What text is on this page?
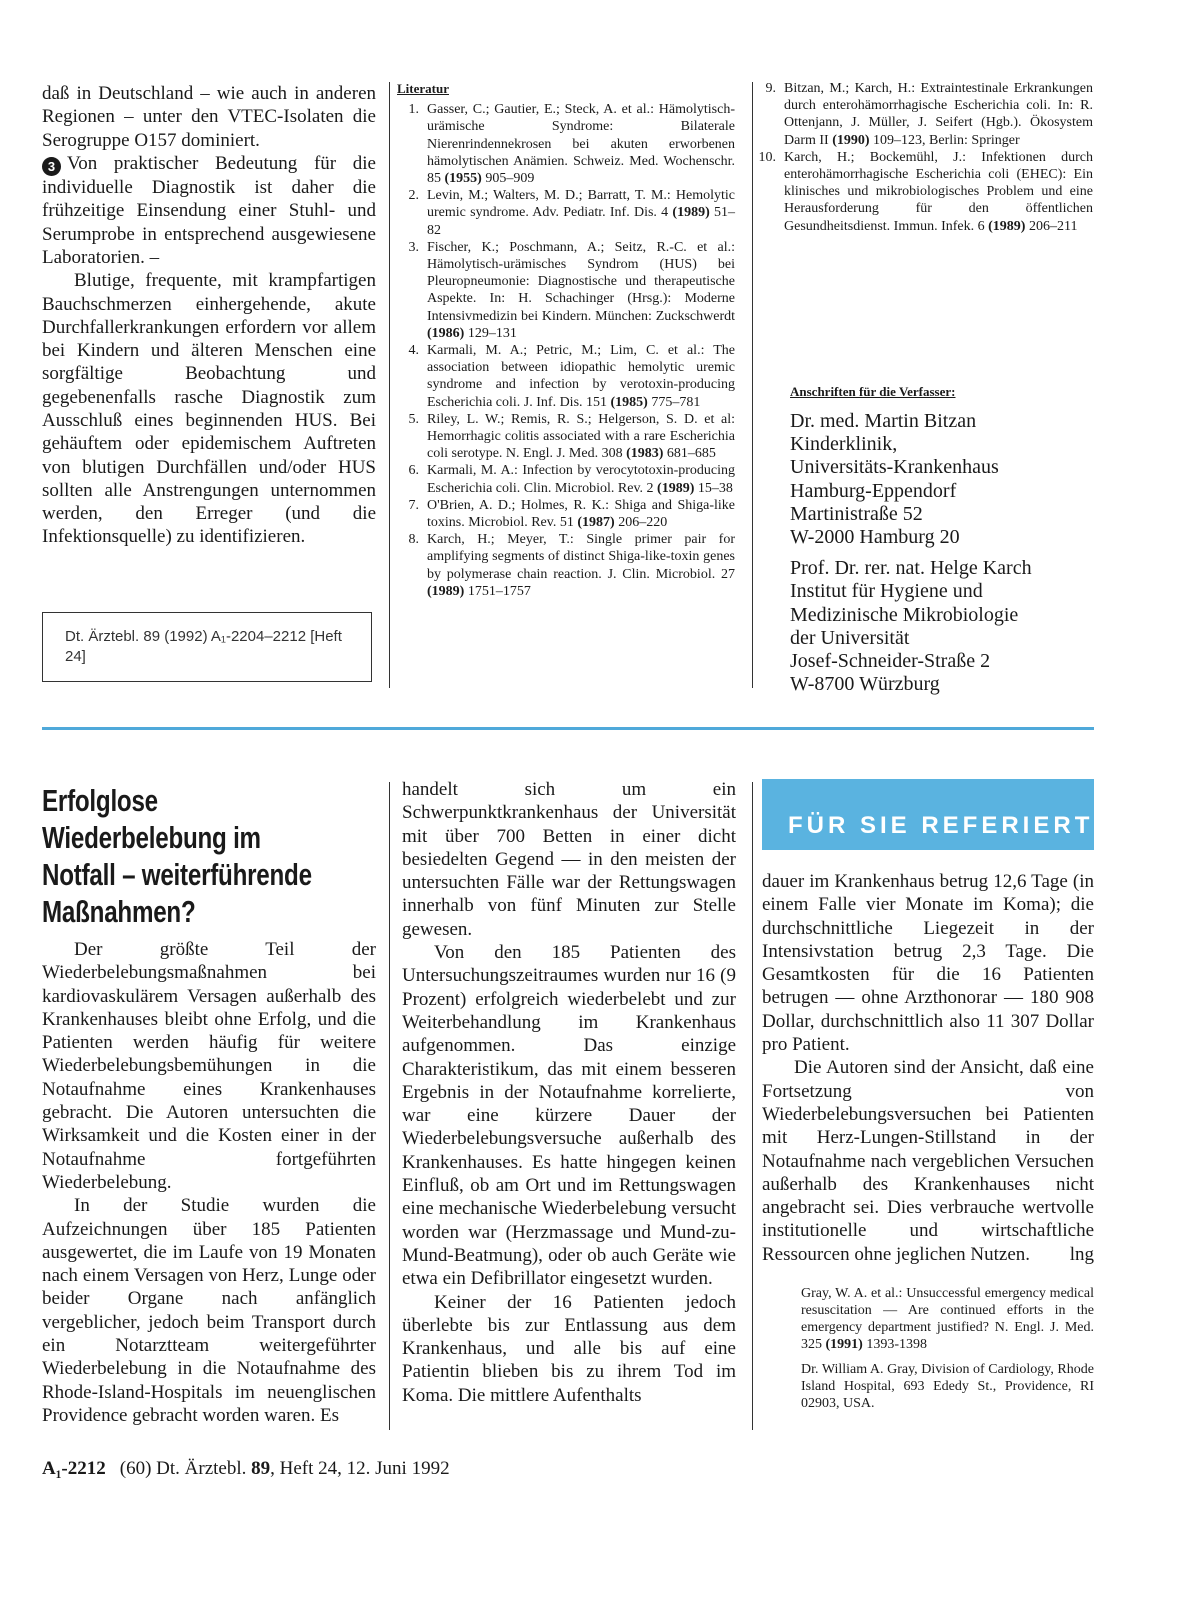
daß in Deutschland – wie auch in anderen Regionen – unter den VTEC-Isolaten die Serogruppe O157 dominiert.

3 Von praktischer Bedeutung für die individuelle Diagnostik ist daher die frühzeitige Einsendung einer Stuhl- und Serumprobe in entsprechend ausgewiesene Laboratorien. –

Blutige, frequente, mit krampfartigen Bauchschmerzen einhergehende, akute Durchfallerkrankungen erfordern vor allem bei Kindern und älteren Menschen eine sorgfältige Beobachtung und gegebenenfalls rasche Diagnostik zum Ausschluß eines beginnenden HUS. Bei gehäuftem oder epidemischem Auftreten von blutigen Durchfällen und/oder HUS sollten alle Anstrengungen unternommen werden, den Erreger (und die Infektionsquelle) zu identifizieren.

Dt. Ärztebl. 89 (1992) A₁-2204–2212 [Heft 24]
Literatur
1. Gasser, C.; Gautier, E.; Steck, A. et al.: Hämolytisch-urämische Syndrome: Bilaterale Nierenrindennekrosen bei akuten erworbenen hämolytischen Anämien. Schweiz. Med. Wochenschr. 85 (1955) 905–909
2. Levin, M.; Walters, M. D.; Barratt, T. M.: Hemolytic uremic syndrome. Adv. Pediatr. Inf. Dis. 4 (1989) 51–82
3. Fischer, K.; Poschmann, A.; Seitz, R.-C. et al.: Hämolytisch-urämisches Syndrom (HUS) bei Pleuropneumonie: Diagnostische und therapeutische Aspekte. In: H. Schachinger (Hrsg.): Moderne Intensivmedizin bei Kindern. München: Zuckschwerdt (1986) 129–131
4. Karmali, M. A.; Petric, M.; Lim, C. et al.: The association between idiopathic hemolytic uremic syndrome and infection by verotoxin-producing Escherichia coli. J. Inf. Dis. 151 (1985) 775–781
5. Riley, L. W.; Remis, R. S.; Helgerson, S. D. et al: Hemorrhagic colitis associated with a rare Escherichia coli serotype. N. Engl. J. Med. 308 (1983) 681–685
6. Karmali, M. A.: Infection by verocytotoxin-producing Escherichia coli. Clin. Microbiol. Rev. 2 (1989) 15–38
7. O'Brien, A. D.; Holmes, R. K.: Shiga and Shiga-like toxins. Microbiol. Rev. 51 (1987) 206–220
8. Karch, H.; Meyer, T.: Single primer pair for amplifying segments of distinct Shiga-like-toxin genes by polymerase chain reaction. J. Clin. Microbiol. 27 (1989) 1751–1757
9. Bitzan, M.; Karch, H.: Extraintestinale Erkrankungen durch enterohämorrhagische Escherichia coli. In: R. Ottenjann, J. Müller, J. Seifert (Hgb.). Ökosystem Darm II (1990) 109–123, Berlin: Springer
10. Karch, H.; Bockemühl, J.: Infektionen durch enterohämorrhagische Escherichia coli (EHEC): Ein klinisches und mikrobiologisches Problem und eine Herausforderung für den öffentlichen Gesundheitsdienst. Immun. Infek. 6 (1989) 206–211
Anschriften für die Verfasser:

Dr. med. Martin Bitzan
Kinderklinik,
Universitäts-Krankenhaus
Hamburg-Eppendorf
Martinistraße 52
W-2000 Hamburg 20

Prof. Dr. rer. nat. Helge Karch
Institut für Hygiene und
Medizinische Mikrobiologie
der Universität
Josef-Schneider-Straße 2
W-8700 Würzburg

Erfolglose
Wiederbelebung im
Notfall – weiterführende
Maßnahmen?

Der größte Teil der Wiederbelebungsmaßnahmen bei kardiovaskulärem Versagen außerhalb des Krankenhauses bleibt ohne Erfolg, und die Patienten werden häufig für weitere Wiederbelebungsbemühungen in die Notaufnahme eines Krankenhauses gebracht. Die Autoren untersuchten die Wirksamkeit und die Kosten einer in der Notaufnahme fortgeführten Wiederbelebung.

In der Studie wurden die Aufzeichnungen über 185 Patienten ausgewertet, die im Laufe von 19 Monaten nach einem Versagen von Herz, Lunge oder beider Organe nach anfänglich vergeblicher, jedoch beim Transport durch ein Notarztteam weitergeführter Wiederbelebung in die Notaufnahme des Rhode-Island-Hospitals im neuenglischen Providence gebracht worden waren. Es

handelt sich um ein Schwerpunktkrankenhaus der Universität mit über 700 Betten in einer dicht besiedelten Gegend — in den meisten der untersuchten Fälle war der Rettungswagen innerhalb von fünf Minuten zur Stelle gewesen.

Von den 185 Patienten des Untersuchungszeitraumes wurden nur 16 (9 Prozent) erfolgreich wiederbelebt und zur Weiterbehandlung im Krankenhaus aufgenommen. Das einzige Charakteristikum, das mit einem besseren Ergebnis in der Notaufnahme korrelierte, war eine kürzere Dauer der Wiederbelebungsversuche außerhalb des Krankenhauses. Es hatte hingegen keinen Einfluß, ob am Ort und im Rettungswagen eine mechanische Wiederbelebung versucht worden war (Herzmassage und Mund-zu-Mund-Beatmung), oder ob auch Geräte wie etwa ein Defibrillator eingesetzt wurden.

Keiner der 16 Patienten jedoch überlebte bis zur Entlassung aus dem Krankenhaus, und alle bis auf eine Patientin blieben bis zu ihrem Tod im Koma. Die mittlere Aufenthalts

FÜR SIE REFERIERT

dauer im Krankenhaus betrug 12,6 Tage (in einem Falle vier Monate im Koma); die durchschnittliche Liegezeit in der Intensivstation betrug 2,3 Tage. Die Gesamtkosten für die 16 Patienten betrugen — ohne Arzthonorar — 180 908 Dollar, durchschnittlich also 11 307 Dollar pro Patient.

Die Autoren sind der Ansicht, daß eine Fortsetzung von Wiederbelebungsversuchen bei Patienten mit Herz-Lungen-Stillstand in der Notaufnahme nach vergeblichen Versuchen außerhalb des Krankenhauses nicht angebracht sei. Dies verbrauche wertvolle institutionelle und wirtschaftliche Ressourcen ohne jeglichen Nutzen.	lng

Gray, W. A. et al.: Unsuccessful emergency medical resuscitation — Are continued efforts in the emergency department justified? N. Engl. J. Med. 325 (1991) 1393-1398

Dr. William A. Gray, Division of Cardiology, Rhode Island Hospital, 693 Ededy St., Providence, RI 02903, USA.

A₁-2212 (60) Dt. Ärztebl. 89, Heft 24, 12. Juni 1992
